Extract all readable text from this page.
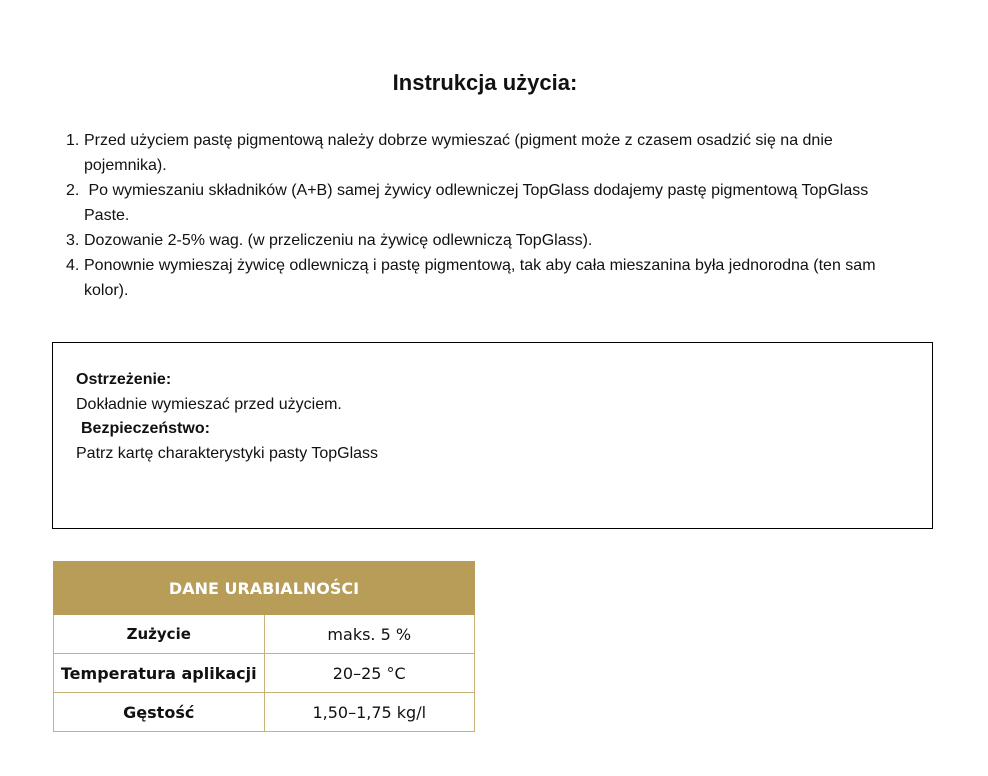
Instrukcja użycia:
1. Przed użyciem pastę pigmentową należy dobrze wymieszać (pigment może z czasem osadzić się na dnie pojemnika).
2. Po wymieszaniu składników (A+B) samej żywicy odlewniczej TopGlass dodajemy pastę pigmentową TopGlass Paste.
3. Dozowanie 2-5% wag. (w przeliczeniu na żywicę odlewniczą TopGlass).
4. Ponownie wymieszaj żywicę odlewniczą i pastę pigmentową, tak aby cała mieszanina była jednorodna (ten sam kolor).
Ostrzeżenie:
Dokładnie wymieszać przed użyciem.
Bezpieczeństwo:
Patrz kartę charakterystyki pasty TopGlass
DANE URABIALNOŚCI	
Zużycie	maks. 5 %
Temperatura aplikacji	20–25 °C
Gęstość	1,50–1,75 kg/l
